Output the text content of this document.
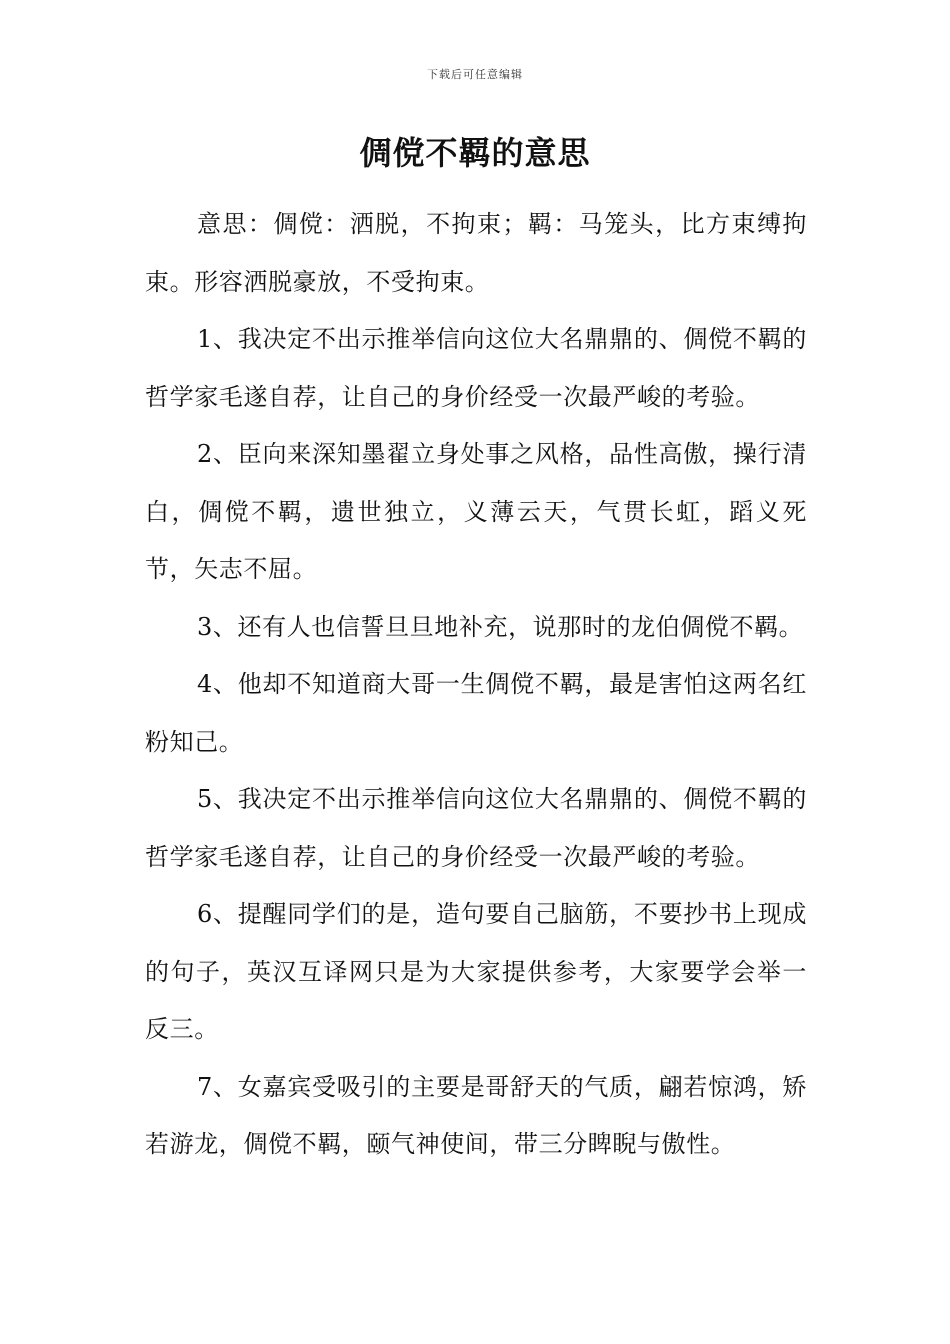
下载后可任意编辑
倜傥不羁的意思

意思：倜傥：洒脱，不拘束；羁：马笼头，比方束缚拘束。形容洒脱豪放，不受拘束。

1、我决定不出示推举信向这位大名鼎鼎的、倜傥不羁的哲学家毛遂自荐，让自己的身价经受一次最严峻的考验。

2、臣向来深知墨翟立身处事之风格，品性高傲，操行清白，倜傥不羁，遗世独立，义薄云天，气贯长虹，蹈义死节，矢志不屈。

3、还有人也信誓旦旦地补充，说那时的龙伯倜傥不羁。

4、他却不知道商大哥一生倜傥不羁，最是害怕这两名红粉知己。

5、我决定不出示推举信向这位大名鼎鼎的、倜傥不羁的哲学家毛遂自荐，让自己的身价经受一次最严峻的考验。

6、提醒同学们的是，造句要自己脑筋，不要抄书上现成的句子，英汉互译网只是为大家提供参考，大家要学会举一反三。

7、女嘉宾受吸引的主要是哥舒天的气质，翩若惊鸿，矫若游龙，倜傥不羁，颐气神使间，带三分睥睨与傲性。
